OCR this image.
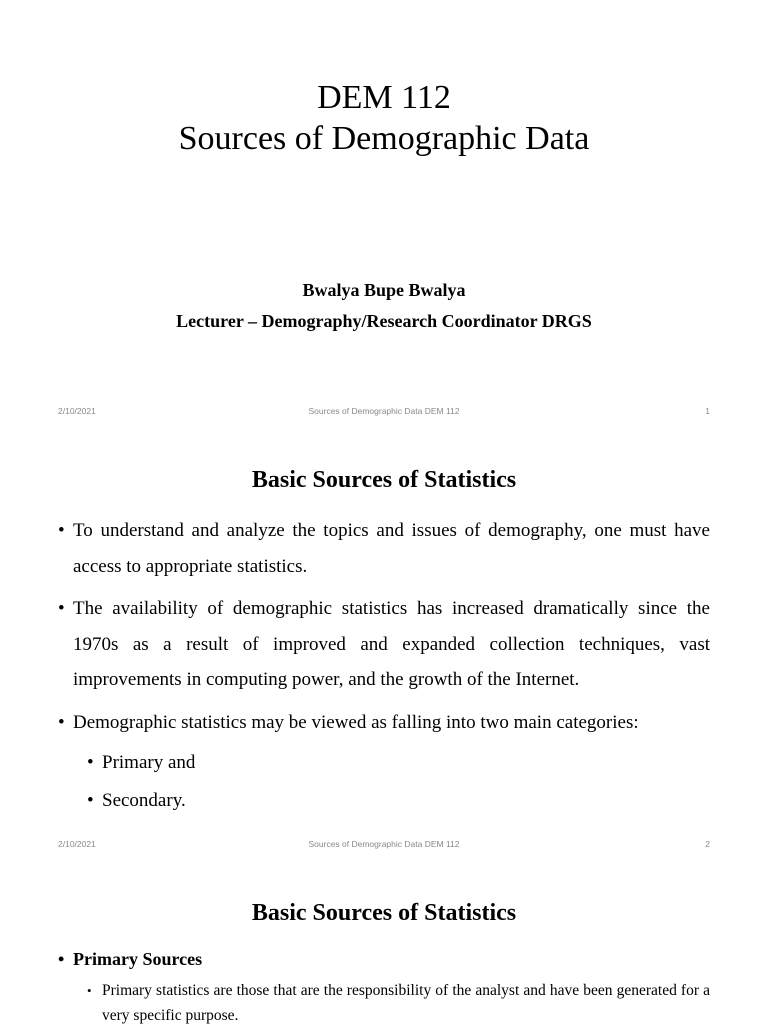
DEM 112
Sources of Demographic Data
Bwalya Bupe Bwalya
Lecturer – Demography/Research Coordinator DRGS
2/10/2021	Sources of Demographic Data DEM 112	1
Basic Sources of Statistics
• To understand and analyze the topics and issues of demography, one must have access to appropriate statistics.
• The availability of demographic statistics has increased dramatically since the 1970s as a result of improved and expanded collection techniques, vast improvements in computing power, and the growth of the Internet.
• Demographic statistics may be viewed as falling into two main categories:
• Primary and
• Secondary.
2/10/2021	Sources of Demographic Data DEM 112	2
Basic Sources of Statistics
• Primary Sources
• Primary statistics are those that are the responsibility of the analyst and have been generated for a very specific purpose.
